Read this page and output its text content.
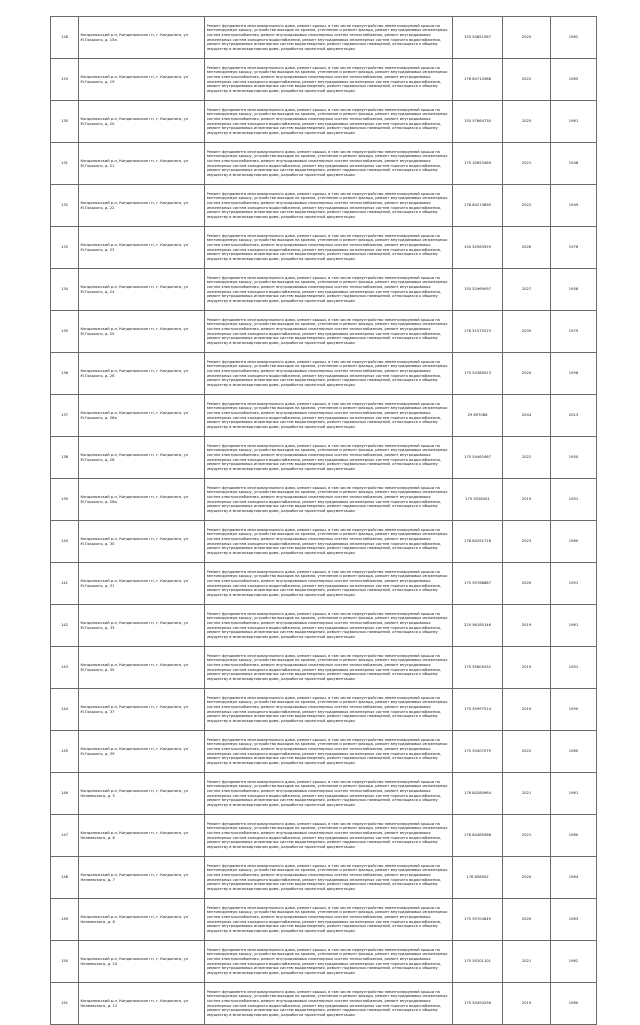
128	Кондопожский р-н, Кондопожское гп, г. Кондопога, ул М.Горького, д. 15а	Ремонт фундамента многоквартирного дома, ремонт крыши, в том числе переустройство невентилируемой крыши на вентилируемую крышу, устройство выходов на кровлю, утепление и ремонт фасада, ремонт внутридомовых инженерных систем электроснабжения, ремонт внутридомовых инженерных систем теплоснабжения, ремонт внутридомовых инженерных систем холодного водоснабжения, ремонт внутридомовых инженерных систем горячего водоснабжения, ремонт внутридомовых инженерных систем водоотведения, ремонт подвальных помещений, относящихся к общему имуществу в многоквартирном доме, разработка проектной документации	155 54851587	2025	1962
129	Кондопожский р-н, Кондопожское гп, г. Кондопога, ул М.Горького, д. 19	Ремонт фундамента многоквартирного дома, ремонт крыши, в том числе переустройство невентилируемой крыши на вентилируемую крышу, устройство выходов на кровлю, утепление и ремонт фасада, ремонт внутридомовых инженерных систем электроснабжения, ремонт внутридомовых инженерных систем теплоснабжения, ремонт внутридомовых инженерных систем холодного водоснабжения, ремонт внутридомовых инженерных систем горячего водоснабжения, ремонт внутридомовых инженерных систем водоотведения, ремонт подвальных помещений, относящихся к общему имуществу в многоквартирном доме, разработка проектной документации	176 84712988	2022	1965
130	Кондопожский р-н, Кондопожское гп, г. Кондопога, ул М.Горького, д. 20	Ремонт фундамента многоквартирного дома, ремонт крыши, в том числе переустройство невентилируемой крыши на вентилируемую крышу, устройство выходов на кровлю, утепление и ремонт фасада, ремонт внутридомовых инженерных систем электроснабжения, ремонт внутридомовых инженерных систем теплоснабжения, ремонт внутридомовых инженерных систем холодного водоснабжения, ремонт внутридомовых инженерных систем горячего водоснабжения, ремонт внутридомовых инженерных систем водоотведения, ремонт подвальных помещений, относящихся к общему имуществу в многоквартирном доме, разработка проектной документации	155 57664730	2025	1961
131	Кондопожский р-н, Кондопожское гп, г. Кондопога, ул М.Горького, д. 21	Ремонт фундамента многоквартирного дома, ремонт крыши, в том числе переустройство невентилируемой крыши на вентилируемую крышу, устройство выходов на кровлю, утепление и ремонт фасада, ремонт внутридомовых инженерных систем электроснабжения, ремонт внутридомовых инженерных систем теплоснабжения, ремонт внутридомовых инженерных систем холодного водоснабжения, ремонт внутридомовых инженерных систем горячего водоснабжения, ремонт внутридомовых инженерных систем водоотведения, ремонт подвальных помещений, относящихся к общему имуществу в многоквартирном доме, разработка проектной документации	175 32653469	2021	1948
132	Кондопожский р-н, Кондопожское гп, г. Кондопога, ул М.Горького, д. 22	Ремонт фундамента многоквартирного дома, ремонт крыши, в том числе переустройство невентилируемой крыши на вентилируемую крышу, устройство выходов на кровлю, утепление и ремонт фасада, ремонт внутридомовых инженерных систем электроснабжения, ремонт внутридомовых инженерных систем теплоснабжения, ремонт внутридомовых инженерных систем холодного водоснабжения, ремонт внутридомовых инженерных систем горячего водоснабжения, ремонт внутридомовых инженерных систем водоотведения, ремонт подвальных помещений, относящихся к общему имуществу в многоквартирном доме, разработка проектной документации	176 84274690	2022	1949
133	Кондопожский р-н, Кондопожское гп, г. Кондопога, ул М.Горького, д. 23	Ремонт фундамента многоквартирного дома, ремонт крыши, в том числе переустройство невентилируемой крыши на вентилируемую крышу, устройство выходов на кровлю, утепление и ремонт фасада, ремонт внутридомовых инженерных систем электроснабжения, ремонт внутридомовых инженерных систем теплоснабжения, ремонт внутридомовых инженерных систем холодного водоснабжения, ремонт внутридомовых инженерных систем горячего водоснабжения, ремонт внутридомовых инженерных систем водоотведения, ремонт подвальных помещений, относящихся к общему имуществу в многоквартирном доме, разработка проектной документации	150 52563559	2026	1976
134	Кондопожский р-н, Кондопожское гп, г. Кондопога, ул М.Горького, д. 24	Ремонт фундамента многоквартирного дома, ремонт крыши, в том числе переустройство невентилируемой крыши на вентилируемую крышу, устройство выходов на кровлю, утепление и ремонт фасада, ремонт внутридомовых инженерных систем электроснабжения, ремонт внутридомовых инженерных систем теплоснабжения, ремонт внутридомовых инженерных систем холодного водоснабжения, ремонт внутридомовых инженерных систем горячего водоснабжения, ремонт внутридомовых инженерных систем водоотведения, ремонт подвальных помещений, относящихся к общему имуществу в многоквартирном доме, разработка проектной документации	155 52969097	2027	1958
135	Кондопожский р-н, Кондопожское гп, г. Кондопога, ул М.Горького, д. 25	Ремонт фундамента многоквартирного дома, ремонт крыши, в том числе переустройство невентилируемой крыши на вентилируемую крышу, устройство выходов на кровлю, утепление и ремонт фасада, ремонт внутридомовых инженерных систем электроснабжения, ремонт внутридомовых инженерных систем теплоснабжения, ремонт внутридомовых инженерных систем холодного водоснабжения, ремонт внутридомовых инженерных систем горячего водоснабжения, ремонт внутридомовых инженерных систем водоотведения, ремонт подвальных помещений, относящихся к общему имуществу в многоквартирном доме, разработка проектной документации	176 51579223	2035	1979
136	Кондопожский р-н, Кондопожское гп, г. Кондопога, ул М.Горького, д. 26	Ремонт фундамента многоквартирного дома, ремонт крыши, в том числе переустройство невентилируемой крыши на вентилируемую крышу, устройство выходов на кровлю, утепление и ремонт фасада, ремонт внутридомовых инженерных систем электроснабжения, ремонт внутридомовых инженерных систем теплоснабжения, ремонт внутридомовых инженерных систем холодного водоснабжения, ремонт внутридомовых инженерных систем горячего водоснабжения, ремонт внутридомовых инженерных систем водоотведения, ремонт подвальных помещений, относящихся к общему имуществу в многоквартирном доме, разработка проектной документации	175 54380013	2020	1956
137	Кондопожский р-н, Кондопожское гп, г. Кондопога, ул М.Горького, д. 26а	Ремонт фундамента многоквартирного дома, ремонт крыши, в том числе переустройство невентилируемой крыши на вентилируемую крышу, устройство выходов на кровлю, утепление и ремонт фасада, ремонт внутридомовых инженерных систем электроснабжения, ремонт внутридомовых инженерных систем теплоснабжения, ремонт внутридомовых инженерных систем холодного водоснабжения, ремонт внутридомовых инженерных систем горячего водоснабжения, ремонт внутридомовых инженерных систем водоотведения, ремонт подвальных помещений, относящихся к общему имуществу в многоквартирном доме, разработка проектной документации	29 897086	2044	2013
138	Кондопожский р-н, Кондопожское гп, г. Кондопога, ул М.Горького, д. 28	Ремонт фундамента многоквартирного дома, ремонт крыши, в том числе переустройство невентилируемой крыши на вентилируемую крышу, устройство выходов на кровлю, утепление и ремонт фасада, ремонт внутридомовых инженерных систем электроснабжения, ремонт внутридомовых инженерных систем теплоснабжения, ремонт внутридомовых инженерных систем холодного водоснабжения, ремонт внутридомовых инженерных систем горячего водоснабжения, ремонт внутридомовых инженерных систем водоотведения, ремонт подвальных помещений, относящихся к общему имуществу в многоквартирном доме, разработка проектной документации	175 54463467	2022	1950
139	Кондопожский р-н, Кондопожское гп, г. Кондопога, ул М.Горького, д. 28а	Ремонт фундамента многоквартирного дома, ремонт крыши, в том числе переустройство невентилируемой крыши на вентилируемую крышу, устройство выходов на кровлю, утепление и ремонт фасада, ремонт внутридомовых инженерных систем электроснабжения, ремонт внутридомовых инженерных систем теплоснабжения, ремонт внутридомовых инженерных систем холодного водоснабжения, ремонт внутридомовых инженерных систем горячего водоснабжения, ремонт внутридомовых инженерных систем водоотведения, ремонт подвальных помещений, относящихся к общему имуществу в многоквартирном доме, разработка проектной документации	175 5528401	2019	1951
140	Кондопожский р-н, Кондопожское гп, г. Кондопога, ул М.Горького, д. 30	Ремонт фундамента многоквартирного дома, ремонт крыши, в том числе переустройство невентилируемой крыши на вентилируемую крышу, устройство выходов на кровлю, утепление и ремонт фасада, ремонт внутридомовых инженерных систем электроснабжения, ремонт внутридомовых инженерных систем теплоснабжения, ремонт внутридомовых инженерных систем холодного водоснабжения, ремонт внутридомовых инженерных систем горячего водоснабжения, ремонт внутридомовых инженерных систем водоотведения, ремонт подвальных помещений, относящихся к общему имуществу в многоквартирном доме, разработка проектной документации	176 84291718	2023	1960
141	Кондопожский р-н, Кондопожское гп, г. Кондопога, ул М.Горького, д. 31	Ремонт фундамента многоквартирного дома, ремонт крыши, в том числе переустройство невентилируемой крыши на вентилируемую крышу, устройство выходов на кровлю, утепление и ремонт фасада, ремонт внутридомовых инженерных систем электроснабжения, ремонт внутридомовых инженерных систем теплоснабжения, ремонт внутридомовых инженерных систем холодного водоснабжения, ремонт внутридомовых инженерных систем горячего водоснабжения, ремонт внутридомовых инженерных систем водоотведения, ремонт подвальных помещений, относящихся к общему имуществу в многоквартирном доме, разработка проектной документации	175 55768887	2020	1951
142	Кондопожский р-н, Кондопожское гп, г. Кондопога, ул М.Горького, д. 33	Ремонт фундамента многоквартирного дома, ремонт крыши, в том числе переустройство невентилируемой крыши на вентилируемую крышу, устройство выходов на кровлю, утепление и ремонт фасада, ремонт внутридомовых инженерных систем электроснабжения, ремонт внутридомовых инженерных систем теплоснабжения, ремонт внутридомовых инженерных систем холодного водоснабжения, ремонт внутридомовых инженерных систем горячего водоснабжения, ремонт внутридомовых инженерных систем водоотведения, ремонт подвальных помещений, относящихся к общему имуществу в многоквартирном доме, разработка проектной документации	220 56185146	2019	1961
143	Кондопожский р-н, Кондопожское гп, г. Кондопога, ул М.Горького, д. 35	Ремонт фундамента многоквартирного дома, ремонт крыши, в том числе переустройство невентилируемой крыши на вентилируемую крышу, устройство выходов на кровлю, утепление и ремонт фасада, ремонт внутридомовых инженерных систем электроснабжения, ремонт внутридомовых инженерных систем теплоснабжения, ремонт внутридомовых инженерных систем холодного водоснабжения, ремонт внутридомовых инженерных систем горячего водоснабжения, ремонт внутридомовых инженерных систем водоотведения, ремонт подвальных помещений, относящихся к общему имуществу в многоквартирном доме, разработка проектной документации	175 55605432	2019	1951
144	Кондопожский р-н, Кондопожское гп, г. Кондопога, ул М.Горького, д. 37	Ремонт фундамента многоквартирного дома, ремонт крыши, в том числе переустройство невентилируемой крыши на вентилируемую крышу, устройство выходов на кровлю, утепление и ремонт фасада, ремонт внутридомовых инженерных систем электроснабжения, ремонт внутридомовых инженерных систем теплоснабжения, ремонт внутридомовых инженерных систем холодного водоснабжения, ремонт внутридомовых инженерных систем горячего водоснабжения, ремонт внутридомовых инженерных систем водоотведения, ремонт подвальных помещений, относящихся к общему имуществу в многоквартирном доме, разработка проектной документации	175 55997514	2019	1950
145	Кондопожский р-н, Кондопожское гп, г. Кондопога, ул М.Горького, д. 39	Ремонт фундамента многоквартирного дома, ремонт крыши, в том числе переустройство невентилируемой крыши на вентилируемую крышу, устройство выходов на кровлю, утепление и ремонт фасада, ремонт внутридомовых инженерных систем электроснабжения, ремонт внутридомовых инженерных систем теплоснабжения, ремонт внутридомовых инженерных систем холодного водоснабжения, ремонт внутридомовых инженерных систем горячего водоснабжения, ремонт внутридомовых инженерных систем водоотведения, ремонт подвальных помещений, относящихся к общему имуществу в многоквартирном доме, разработка проектной документации	175 55407079	2022	1960
146	Кондопожский р-н, Кондопожское гп, г. Кондопога, ул Нелеевского, д. 5	Ремонт фундамента многоквартирного дома, ремонт крыши, в том числе переустройство невентилируемой крыши на вентилируемую крышу, устройство выходов на кровлю, утепление и ремонт фасада, ремонт внутридомовых инженерных систем электроснабжения, ремонт внутридомовых инженерных систем теплоснабжения, ремонт внутридомовых инженерных систем холодного водоснабжения, ремонт внутридомовых инженерных систем горячего водоснабжения, ремонт внутридомовых инженерных систем водоотведения, ремонт подвальных помещений, относящихся к общему имуществу в многоквартирном доме, разработка проектной документации	176 84280964	2021	1961
147	Кондопожский р-н, Кондопожское гп, г. Кондопога, ул Нелеевского, д. 6	Ремонт фундамента многоквартирного дома, ремонт крыши, в том числе переустройство невентилируемой крыши на вентилируемую крышу, устройство выходов на кровлю, утепление и ремонт фасада, ремонт внутридомовых инженерных систем электроснабжения, ремонт внутридомовых инженерных систем теплоснабжения, ремонт внутридомовых инженерных систем холодного водоснабжения, ремонт внутридомовых инженерных систем горячего водоснабжения, ремонт внутридомовых инженерных систем водоотведения, ремонт подвальных помещений, относящихся к общему имуществу в многоквартирном доме, разработка проектной документации	176 84485568	2021	1960
148	Кондопожский р-н, Кондопожское гп, г. Кондопога, ул Нелеевского, д. 7	Ремонт фундамента многоквартирного дома, ремонт крыши, в том числе переустройство невентилируемой крыши на вентилируемую крышу, устройство выходов на кровлю, утепление и ремонт фасада, ремонт внутридомовых инженерных систем электроснабжения, ремонт внутридомовых инженерных систем теплоснабжения, ремонт внутридомовых инженерных систем холодного водоснабжения, ремонт внутридомовых инженерных систем горячего водоснабжения, ремонт внутридомовых инженерных систем водоотведения, ремонт подвальных помещений, относящихся к общему имуществу в многоквартирном доме, разработка проектной документации	176 856002	2020	1964
149	Кондопожский р-н, Кондопожское гп, г. Кондопога, ул Нелеевского, д. 8	Ремонт фундамента многоквартирного дома, ремонт крыши, в том числе переустройство невентилируемой крыши на вентилируемую крышу, устройство выходов на кровлю, утепление и ремонт фасада, ремонт внутридомовых инженерных систем электроснабжения, ремонт внутридомовых инженерных систем теплоснабжения, ремонт внутридомовых инженерных систем холодного водоснабжения, ремонт внутридомовых инженерных систем горячего водоснабжения, ремонт внутридомовых инженерных систем водоотведения, ремонт подвальных помещений, относящихся к общему имуществу в многоквартирном доме, разработка проектной документации	175 55704649	2020	1963
150	Кондопожский р-н, Кондопожское гп, г. Кондопога, ул Нелеевского, д. 10	Ремонт фундамента многоквартирного дома, ремонт крыши, в том числе переустройство невентилируемой крыши на вентилируемую крышу, устройство выходов на кровлю, утепление и ремонт фасада, ремонт внутридомовых инженерных систем электроснабжения, ремонт внутридомовых инженерных систем теплоснабжения, ремонт внутридомовых инженерных систем холодного водоснабжения, ремонт внутридомовых инженерных систем горячего водоснабжения, ремонт внутридомовых инженерных систем водоотведения, ремонт подвальных помещений, относящихся к общему имуществу в многоквартирном доме, разработка проектной документации	175 55201101	2021	1962
151	Кондопожский р-н, Кондопожское гп, г. Кондопога, ул Нелеевского, д. 12	Ремонт фундамента многоквартирного дома, ремонт крыши, в том числе переустройство невентилируемой крыши на вентилируемую крышу, устройство выходов на кровлю, утепление и ремонт фасада, ремонт внутридомовых инженерных систем электроснабжения, ремонт внутридомовых инженерных систем теплоснабжения, ремонт внутридомовых инженерных систем холодного водоснабжения, ремонт внутридомовых инженерных систем горячего водоснабжения, ремонт внутридомовых инженерных систем водоотведения, ремонт подвальных помещений, относящихся к общему имуществу в многоквартирном доме, разработка проектной документации	175 55494256	2019	1960
